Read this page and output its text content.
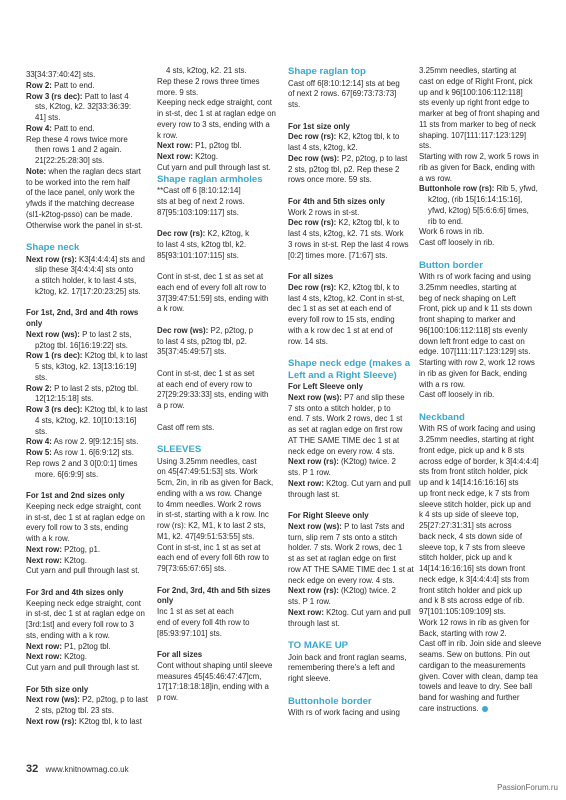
33[34:37:40:42] sts.

Row 2: Patt to end.

Row 3 (rs dec): Patt to last 4

sts, K2tog, k2. 32[33:36:39:

41] sts.

Row 4: Patt to end.

Rep these 4 rows twice more

then rows 1 and 2 again.

21[22:25:28:30] sts.

Note: when the raglan decs start

to be worked into the rem half

of the lace panel, only work the

yfwds if the matching decrease

(sl1-k2tog-psso) can be made.

Otherwise work the panel in st-st.

Shape neck

Next row (rs): K3[4:4:4:4] sts and

slip these 3[4:4:4:4] sts onto

a stitch holder, k to last 4 sts,

k2tog, k2. 17[17:20:23:25] sts.

For 1st, 2nd, 3rd and 4th rows only

Next row (ws): P to last 2 sts,

p2tog tbl. 16[16:19:22] sts.

Row 1 (rs dec): K2tog tbl, k to last

5 sts, k3tog, k2. 13[13:16:19]

sts.

Row 2: P to last 2 sts, p2tog tbl.

12[12:15:18] sts.

Row 3 (rs dec): K2tog tbl, k to last

4 sts, k2tog, k2. 10[10:13:16]

sts.

Row 4: As row 2. 9[9:12:15] sts.

Row 5: As row 1. 6[6:9:12] sts.

Rep rows 2 and 3 0[0:0:1] times

more. 6[6:9:9] sts.

For 1st and 2nd sizes only

Keeping neck edge straight, cont

in st-st, dec 1 st at raglan edge on

every foll row to 3 sts, ending

with a k row.

Next row: P2tog, p1.

Next row: K2tog.

Cut yarn and pull through last st.

For 3rd and 4th sizes only

Keeping neck edge straight, cont

in st-st, dec 1 st at raglan edge on

[3rd:1st] and every foll row to 3

sts, ending with a k row.

Next row: P1, p2tog tbl.

Next row: K2tog.

Cut yarn and pull through last st.

For 5th size only

Next row (ws): P2, p2tog, p to last

2 sts, p2tog tbl. 23 sts.

Next row (rs): K2tog tbl, k to last

4 sts, k2tog, k2. 21 sts.

Rep these 2 rows three times

more. 9 sts.

Keeping neck edge straight, cont

in st-st, dec 1 st at raglan edge on

every row to 3 sts, ending with a

k row.

Next row: P1, p2tog tbl.

Next row: K2tog.

Cut yarn and pull through last st.

Shape raglan armholes

**Cast off 6 [8:10:12:14]

sts at beg of next 2 rows.

87[95:103:109:117] sts.

Dec row (rs): K2, k2tog, k

to last 4 sts, k2tog tbl, k2.

85[93:101:107:115] sts.

Cont in st-st, dec 1 st as set at

each end of every foll alt row to

37[39:47:51:59] sts, ending with

a k row.

Dec row (ws): P2, p2tog, p

to last 4 sts, p2tog tbl, p2.

35[37:45:49:57] sts.

Cont in st-st, dec 1 st as set

at each end of every row to

27[29:29:33:33] sts, ending with

a p row.

Cast off rem sts.

SLEEVES

Using 3.25mm needles, cast

on 45[47:49:51:53] sts. Work

5cm, 2in, in rib as given for Back,

ending with a ws row. Change

to 4mm needles. Work 2 rows

in st-st, starting with a k row. Inc

row (rs): K2, M1, k to last 2 sts,

M1, k2. 47[49:51:53:55] sts.

Cont in st-st, inc 1 st as set at

each end of every foll 6th row to

79[73:65:67:65] sts.

For 2nd, 3rd, 4th and 5th sizes

only

Inc 1 st as set at each

end of every foll 4th row to

[85:93:97:101] sts.

For all sizes

Cont without shaping until sleeve

measures 45[45:46:47:47]cm,

17[17:18:18:18]in, ending with a

p row.

Shape raglan top

Cast off 6[8:10:12:14] sts at beg

of next 2 rows. 67[69:73:73:73]

sts.

For 1st size only

Dec row (rs): K2, k2tog tbl, k to

last 4 sts, k2tog, k2.

Dec row (ws): P2, p2tog, p to last

2 sts, p2tog tbl, p2. Rep these 2

rows once more. 59 sts.

For 4th and 5th sizes only

Work 2 rows in st-st.

Dec row (rs): K2, k2tog tbl, k to

last 4 sts, k2tog, k2. 71 sts. Work

3 rows in st-st. Rep the last 4 rows

[0:2] times more. [71:67] sts.

For all sizes

Dec row (rs): K2, k2tog tbl, k to

last 4 sts, k2tog, k2. Cont in st-st,

dec 1 st as set at each end of

every foll row to 15 sts, ending

with a k row dec 1 st at end of

row. 14 sts.

Shape neck edge (makes a Left and a Right Sleeve)

For Left Sleeve only

Next row (ws): P7 and slip these

7 sts onto a stitch holder, p to

end. 7 sts. Work 2 rows, dec 1 st

as set at raglan edge on first row

AT THE SAME TIME dec 1 st at

neck edge on every row. 4 sts.

Next row (rs): (K2tog) twice. 2

sts. P 1 row.

Next row: K2tog. Cut yarn and pull

through last st.

For Right Sleeve only

Next row (ws): P to last 7sts and

turn, slip rem 7 sts onto a stitch

holder. 7 sts. Work 2 rows, dec 1

st as set at raglan edge on first

row AT THE SAME TIME dec 1 st at

neck edge on every row. 4 sts.

Next row (rs): (K2tog) twice. 2

sts. P 1 row.

Next row: K2tog. Cut yarn and pull

through last st.

TO MAKE UP

Join back and front raglan seams,

remembering there's a left and

right sleeve.

Buttonhole border

With rs of work facing and using

3.25mm needles, starting at

cast on edge of Right Front, pick

up and k 96[100:106:112:118]

sts evenly up right front edge to

marker at beg of front shaping and

11 sts from marker to beg of neck

shaping. 107[111:117:123:129]

sts.

Starting with row 2, work 5 rows in

rib as given for Back, ending with

a ws row.

Buttonhole row (rs): Rib 5, yfwd,

k2tog, (rib 15[16:14:15:16],

yfwd, k2tog) 5[5:6:6:6] times,

rib to end.

Work 6 rows in rib.

Cast off loosely in rib.

Button border

With rs of work facing and using

3.25mm needles, starting at

beg of neck shaping on Left

Front, pick up and k 11 sts down

front shaping to marker and

96[100:106:112:118] sts evenly

down left front edge to cast on

edge. 107[111:117:123:129] sts.

Starting with row 2, work 12 rows

in rib as given for Back, ending

with a rs row.

Cast off loosely in rib.

Neckband

With RS of work facing and using

3.25mm needles, starting at right

front edge, pick up and k 8 sts

across edge of border, k 3[4:4:4:4]

sts from front stitch holder, pick

up and k 14[14:16:16:16] sts

up front neck edge, k 7 sts from

sleeve stitch holder, pick up and

k 4 sts up side of sleeve top,

25[27:27:31:31] sts across

back neck, 4 sts down side of

sleeve top, k 7 sts from sleeve

stitch holder, pick up and k

14[14:16:16:16] sts down front

neck edge, k 3[4:4:4:4] sts from

front stitch holder and pick up

and k 8 sts across edge of rib.

97[101:105:109:109] sts.

Work 12 rows in rib as given for

Back, starting with row 2.

Cast off in rib. Join side and sleeve

seams. Sew on buttons. Pin out

cardigan to the measurements

given. Cover with clean, damp tea

towels and leave to dry. See ball

band for washing and further

care instructions.

32 www.knitnowmag.co.uk
PassionForum.ru
